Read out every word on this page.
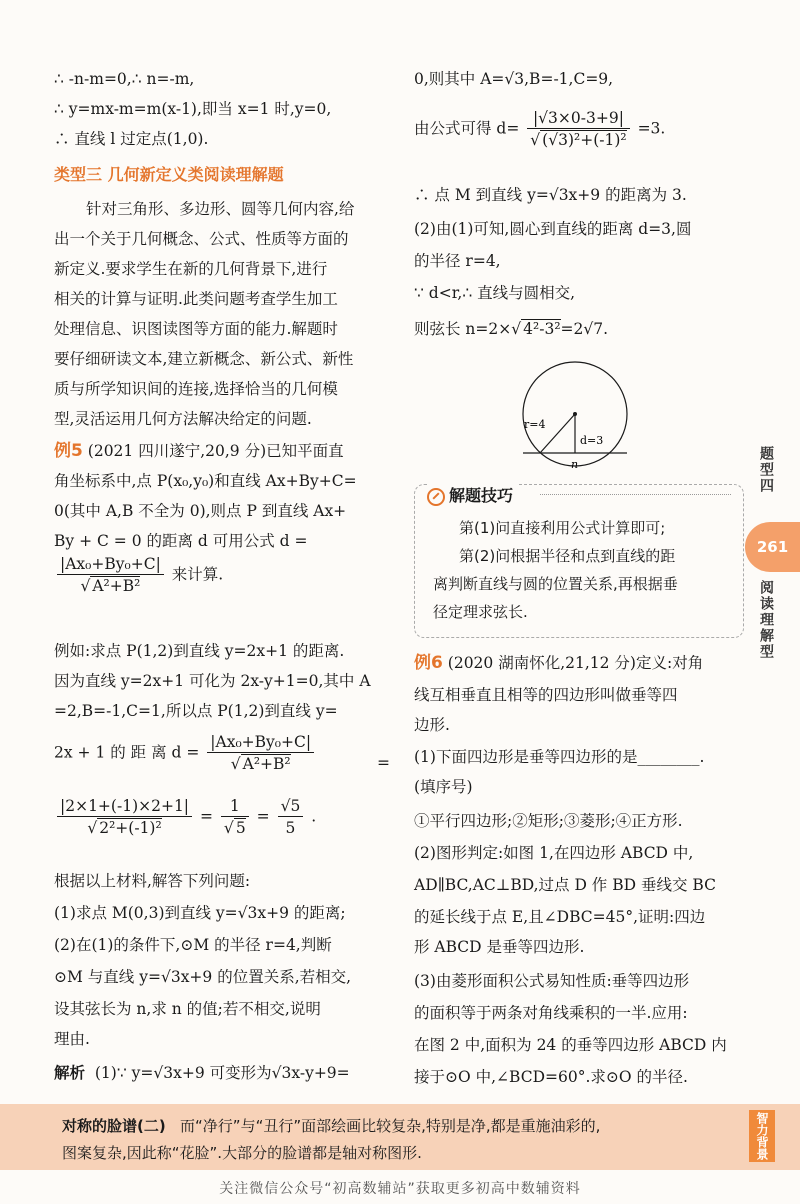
∴ -n-m=0,∴ n=-m,
∴ y=mx-m=m(x-1),即当 x=1 时,y=0,
∴ 直线 l 过定点(1,0).
类型三 几何新定义类阅读理解题
针对三角形、多边形、圆等几何内容,给
出一个关于几何概念、公式、性质等方面的
新定义.要求学生在新的几何背景下,进行
相关的计算与证明.此类问题考查学生加工
处理信息、识图读图等方面的能力.解题时
要仔细研读文本,建立新概念、新公式、新性
质与所学知识间的连接,选择恰当的几何模
型,灵活运用几何方法解决给定的问题.
例5 (2021 四川遂宁,20,9 分)已知平面直
角坐标系中,点 P(x₀,y₀)和直线 Ax+By+C=
0(其中 A,B 不全为 0),则点 P 到直线 Ax+
By + C = 0 的距离 d 可用公式 d =
$\frac{\text{|Ax₀+By₀+C|}}{\text{√ A²+B²}}$ 来计算.
例如:求点 P(1,2)到直线 y=2x+1 的距离.
因为直线 y=2x+1 可化为 2x-y+1=0,其中 A
=2,B=-1,C=1,所以点 P(1,2)到直线 y=
2x + 1 的 距 离 $d = \frac{\text{|Ax₀+By₀+C|}}{\text{√ A²+B²}}$	=
$\frac{|2\times 1+(-1)\times 2+1|}{\text{√ 2²+(-1)²}} = \frac{1}{√ 5} = \frac{√5}{5}$ .
根据以上材料,解答下列问题:
(1)求点 M(0,3)到直线 y=√3x+9 的距离;
(2)在(1)的条件下,⊙M 的半径 r=4,判断
⊙M 与直线 y=√3x+9 的位置关系,若相交,
设其弦长为 n,求 n 的值;若不相交,说明
理由.
解析 (1)∵ y=√3x+9 可变形为√3x-y+9=
0,则其中 A=√3,B=-1,C=9,
由公式可得 $d= \frac{|√3\times 0-3+9|}{\text{√ (√3)²+(-1)²}} =3$.
∴ 点 M 到直线 y=√3x+9 的距离为 3.
(2)由(1)可知,圆心到直线的距离 d=3,圆
的半径 r=4,
∵ d<r,∴ 直线与圆相交,
则弦长 n=2×√ 4²-3²=2√7.
r=4
d=3
n
解题技巧
第(1)问直接利用公式计算即可;
第(2)问根据半径和点到直线的距
离判断直线与圆的位置关系,再根据垂
径定理求弦长.
例6 (2020 湖南怀化,21,12 分)定义:对角
线互相垂直且相等的四边形叫做垂等四
边形.
(1)下面四边形是垂等四边形的是________.
(填序号)
①平行四边形;②矩形;③菱形;④正方形.
(2)图形判定:如图 1,在四边形 ABCD 中,
AD∥BC,AC⊥BD,过点 D 作 BD 垂线交 BC
的延长线于点 E,且∠DBC=45°,证明:四边
形 ABCD 是垂等四边形.
(3)由菱形面积公式易知性质:垂等四边形
的面积等于两条对角线乘积的一半.应用:
在图 2 中,面积为 24 的垂等四边形 ABCD 内
接于⊙O 中,∠BCD=60°.求⊙O 的半径.
题型四
261
阅读理解型
对称的脸谱(二) 而“净行”与“丑行”面部绘画比较复杂,特别是净,都是重施油彩的,
图案复杂,因此称“花脸”.大部分的脸谱都是轴对称图形.	智力背景
关注微信公众号“初高数辅站”获取更多初高中数辅资料
